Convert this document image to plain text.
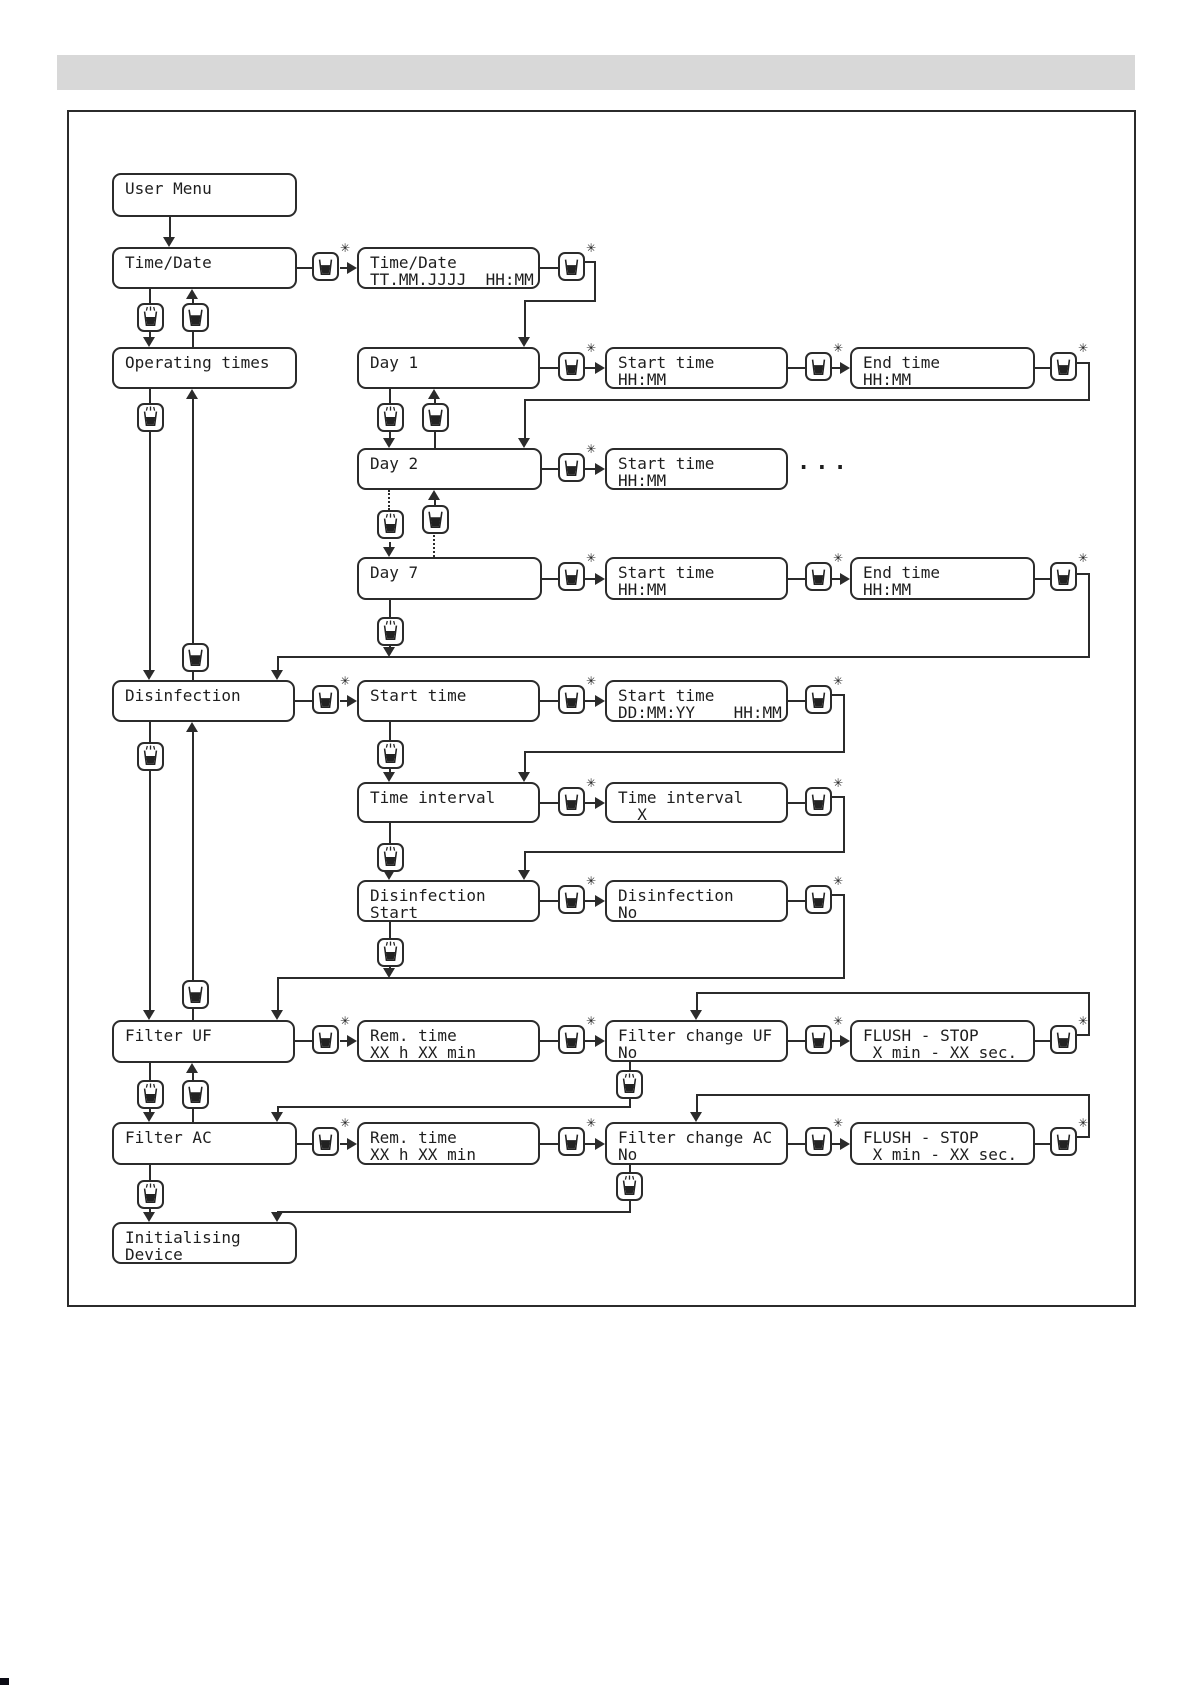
User Menu
Time/Date	Time/Date
TT.MM.JJJJ  HH:MM
Operating times	Day 1	Start time
HH:MM
End time
HH:MM
Day 2	Start time
HH:MM
Day 7	Start time
HH:MM
End time
HH:MM
Disinfection	Start time	Start time
DD:MM:YY    HH:MM
Time interval	Time interval
X
Disinfection
Start
Disinfection
No
Filter UF	Rem. time
XX h XX min
Filter change UF
No
FLUSH - STOP
X min - XX sec.
Filter AC	Rem. time
XX h XX min
Filter change AC
No
FLUSH - STOP
X min - XX sec.
Initialising
Device
...
✳	✳
✳	✳	✳
✳
✳	✳	✳
✳	✳	✳
✳	✳
✳	✳
✳	✳	✳	✳
✳	✳	✳	✳
